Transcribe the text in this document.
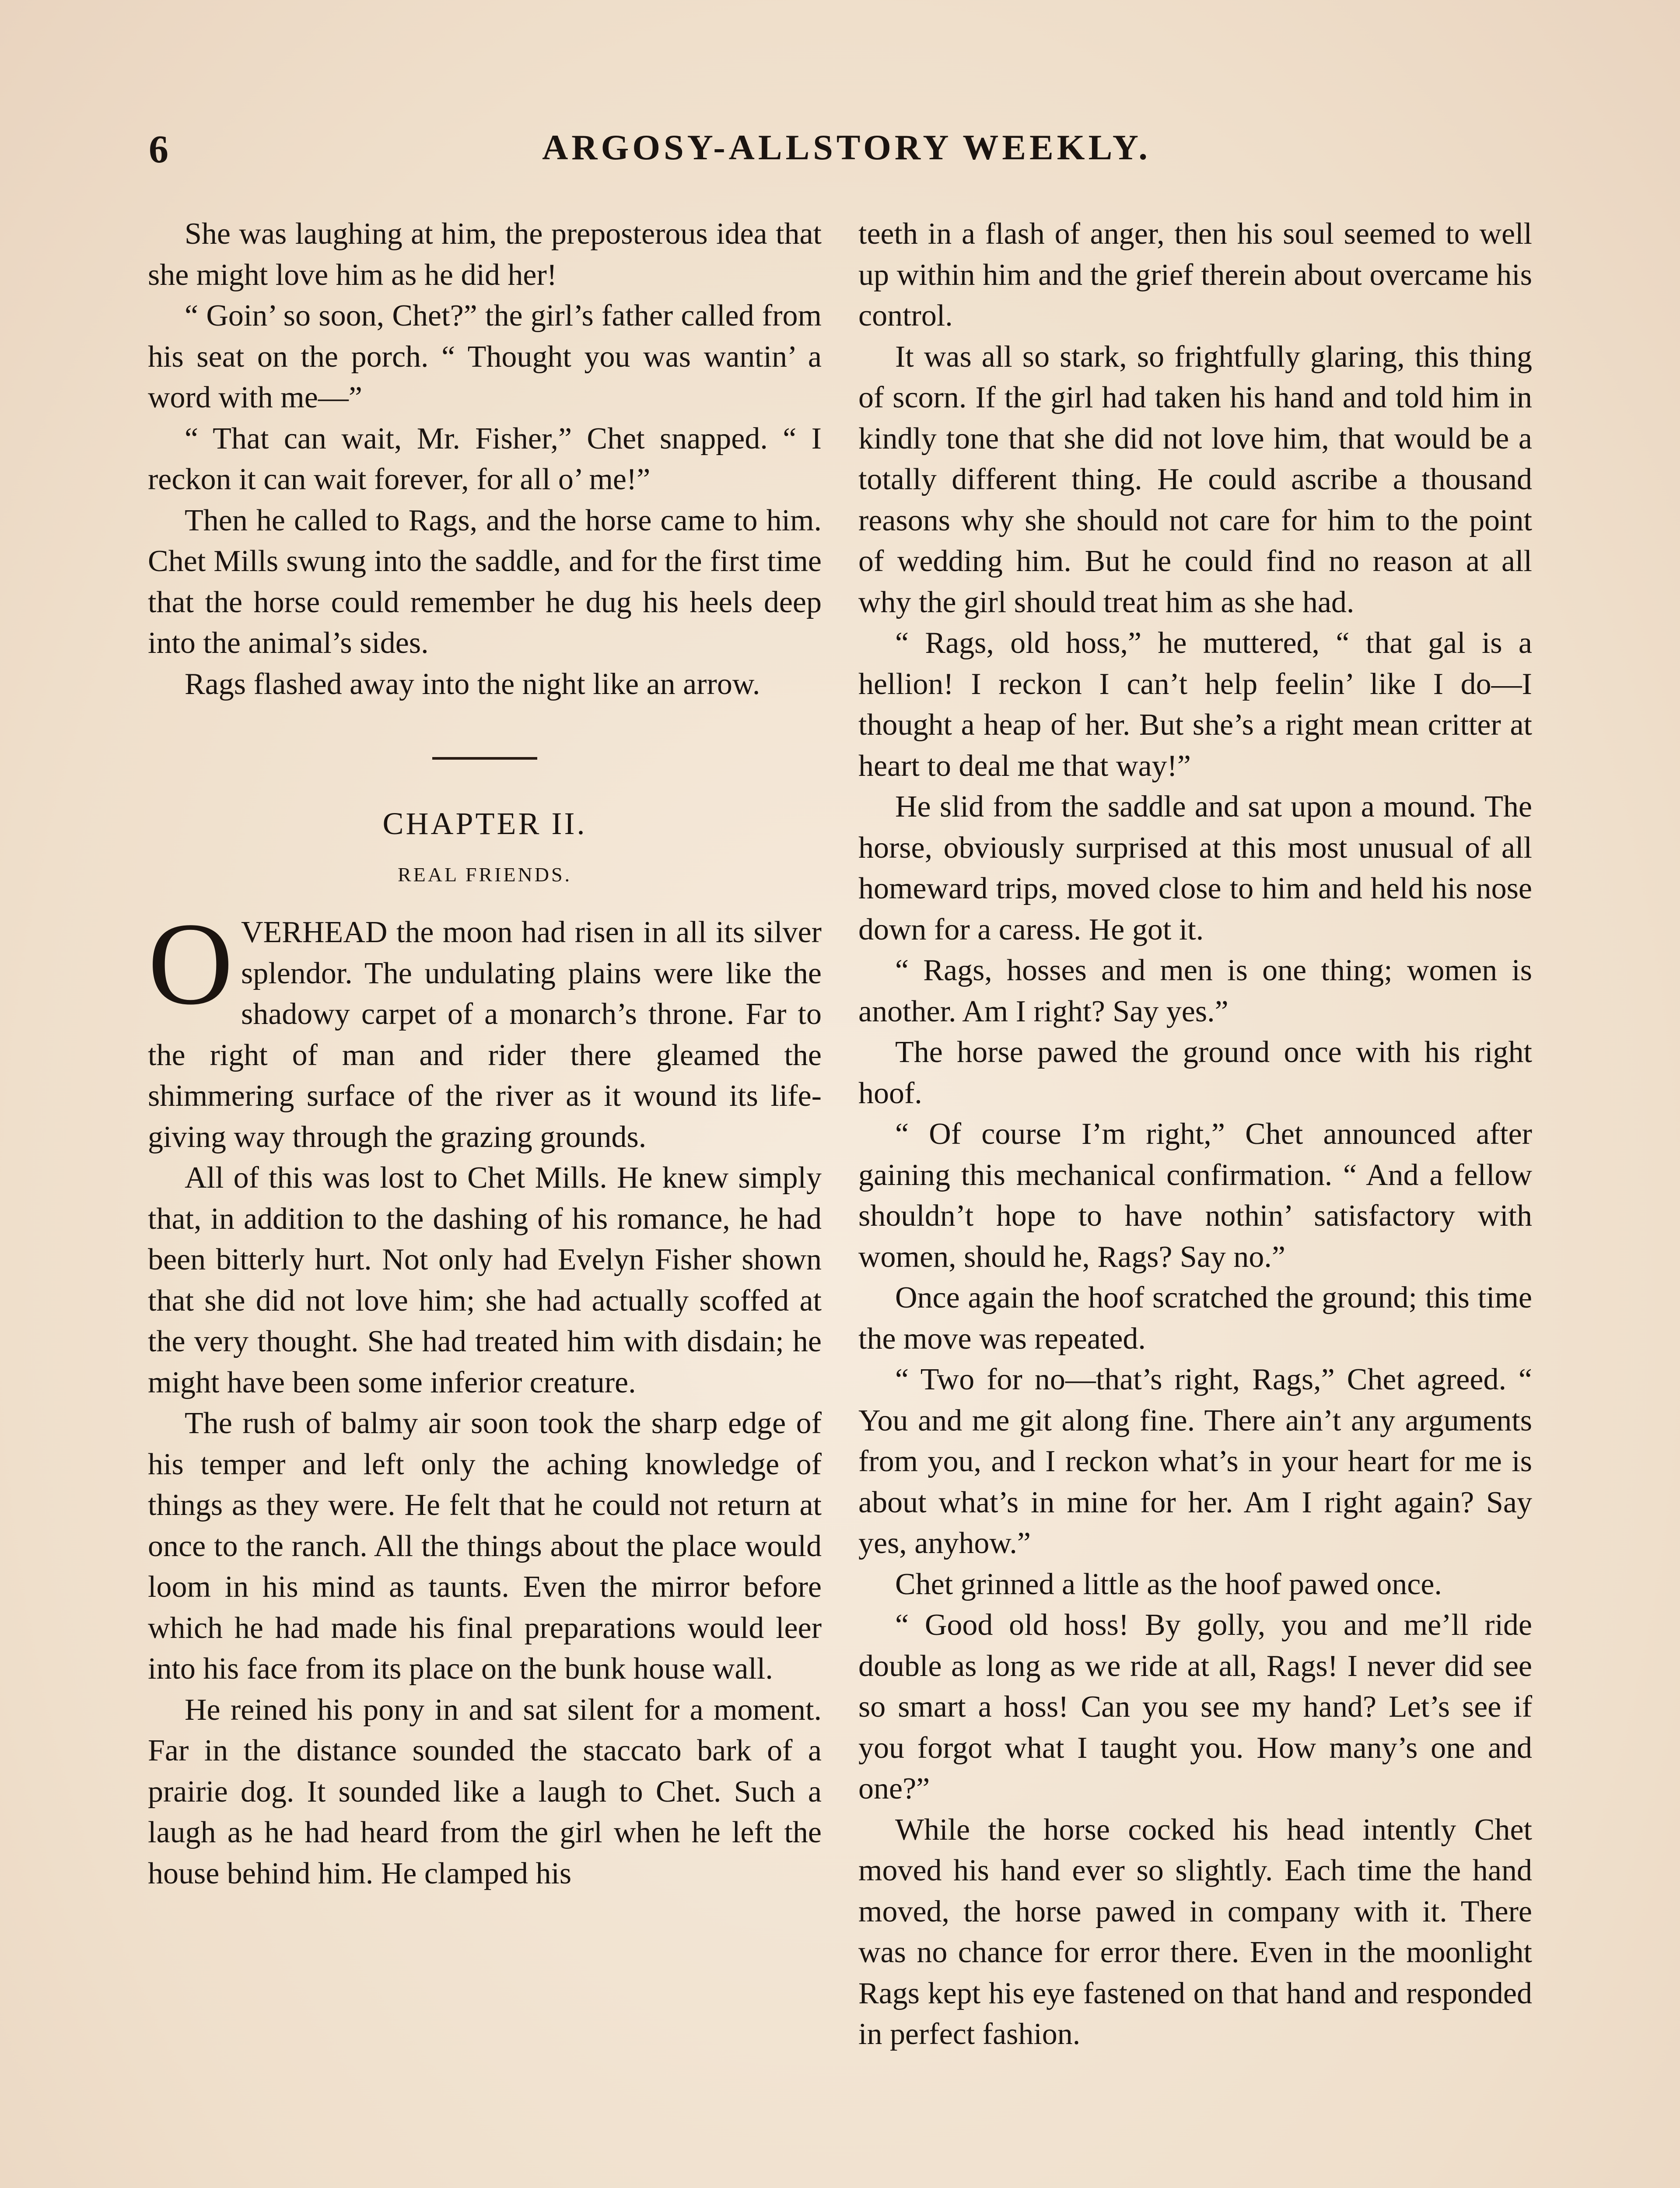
6	ARGOSY-ALLSTORY WEEKLY.

She was laughing at him, the preposterous idea that she might love him as he did her!

“ Goin’ so soon, Chet?” the girl’s father called from his seat on the porch. “ Thought you was wantin’ a word with me—”

“ That can wait, Mr. Fisher,” Chet snapped. “ I reckon it can wait forever, for all o’ me!”

Then he called to Rags, and the horse came to him. Chet Mills swung into the saddle, and for the first time that the horse could remember he dug his heels deep into the animal’s sides.

Rags flashed away into the night like an arrow.

CHAPTER II.
REAL FRIENDS.

OVERHEAD the moon had risen in all its silver splendor. The undulating plains were like the shadowy carpet of a monarch’s throne. Far to the right of man and rider there gleamed the shimmering surface of the river as it wound its life-giving way through the grazing grounds.

All of this was lost to Chet Mills. He knew simply that, in addition to the dashing of his romance, he had been bitterly hurt. Not only had Evelyn Fisher shown that she did not love him; she had actually scoffed at the very thought. She had treated him with disdain; he might have been some inferior creature.

The rush of balmy air soon took the sharp edge of his temper and left only the aching knowledge of things as they were. He felt that he could not return at once to the ranch. All the things about the place would loom in his mind as taunts. Even the mirror before which he had made his final preparations would leer into his face from its place on the bunk house wall.

He reined his pony in and sat silent for a moment. Far in the distance sounded the staccato bark of a prairie dog. It sounded like a laugh to Chet. Such a laugh as he had heard from the girl when he left the house behind him. He clamped his

teeth in a flash of anger, then his soul seemed to well up within him and the grief therein about overcame his control.

It was all so stark, so frightfully glaring, this thing of scorn. If the girl had taken his hand and told him in kindly tone that she did not love him, that would be a totally different thing. He could ascribe a thousand reasons why she should not care for him to the point of wedding him. But he could find no reason at all why the girl should treat him as she had.

“ Rags, old hoss,” he muttered, “ that gal is a hellion! I reckon I can’t help feelin’ like I do—I thought a heap of her. But she’s a right mean critter at heart to deal me that way!”

He slid from the saddle and sat upon a mound. The horse, obviously surprised at this most unusual of all homeward trips, moved close to him and held his nose down for a caress. He got it.

“ Rags, hosses and men is one thing; women is another. Am I right? Say yes.”

The horse pawed the ground once with his right hoof.

“ Of course I’m right,” Chet announced after gaining this mechanical confirmation. “ And a fellow shouldn’t hope to have nothin’ satisfactory with women, should he, Rags? Say no.”

Once again the hoof scratched the ground; this time the move was repeated.

“ Two for no—that’s right, Rags,” Chet agreed. “ You and me git along fine. There ain’t any arguments from you, and I reckon what’s in your heart for me is about what’s in mine for her. Am I right again? Say yes, anyhow.”

Chet grinned a little as the hoof pawed once.

“ Good old hoss! By golly, you and me’ll ride double as long as we ride at all, Rags! I never did see so smart a hoss! Can you see my hand? Let’s see if you forgot what I taught you. How many’s one and one?”

While the horse cocked his head intently Chet moved his hand ever so slightly. Each time the hand moved, the horse pawed in company with it. There was no chance for error there. Even in the moonlight Rags kept his eye fastened on that hand and responded in perfect fashion.
